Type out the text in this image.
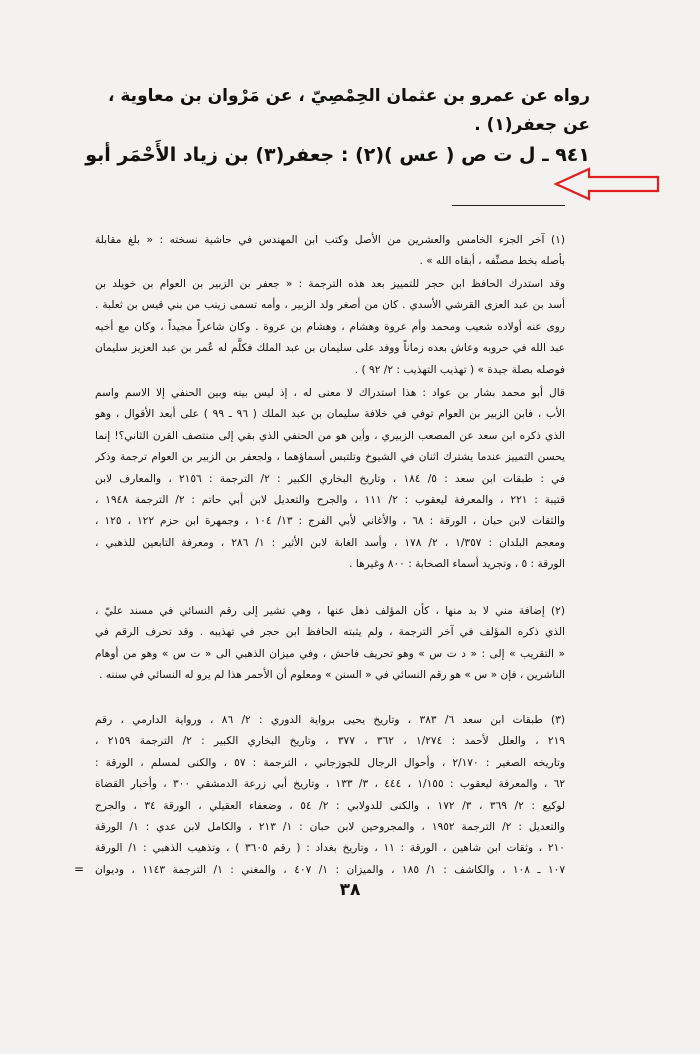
رواه عن عمرو بن عثمان الحِمْصِيّ ، عن مَرْوان بن معاوية ،
عن جعفر(١) .
٩٤١ ـ ل ت ص ( عس )(٢) : جعفر(٣) بن زياد الأَحْمَر أبو
(١) آخر الجزء الخامس والعشرين من الأصل وكتب ابن المهندس في حاشية نسخته : « بلغ مقابلة
بأصله بخط مصنِّفه ، أبقاه الله » .
وقد استدرك الحافظ ابن حجر للتمييز بعد هذه الترجمة : « جعفر بن الزبير بن العوام بن خويلد بن
أسد بن عبد العزى القرشي الأسدي . كان من أصغر ولد الزبير ، وأمه تسمى زينب من بني قيس بن ثعلبة .
روى عنه أولاده شعيب ومحمد وأم عروة وهشام ، وهشام بن عروة . وكان شاعراً مجيداً ، وكان مع أخيه
عبد الله في حروبه وعاش بعده زماناً ووفد على سليمان بن عبد الملك فكلَّم له عُمر بن عبد العزيز سليمان
فوصله بصلة جيدة » ( تهذيب التهذيب : ٢/ ٩٢ ) .
قال أبو محمد بشار بن عواد : هذا استدراك لا معنى له ، إذ ليس بينه وبين الحنفي إلا الاسم واسم
الأب ، فابن الزبير بن العوام توفي في خلافة سليمان بن عبد الملك ( ٩٦ ـ ٩٩ ) على أبعد الأقوال ، وهو
الذي ذكره ابن سعد عن المصعب الزبيري ، وأين هو من الحنفي الذي بقي إلى منتصف القرن الثاني؟! إنما
يحسن التمييز عندما يشترك اثنان في الشيوخ وتلتبس أسماؤهما ، ولجعفر بن الزبير بن العوام ترجمة وذكر
في : طبقات ابن سعد : ٥/ ١٨٤ ، وتاريخ البخاري الكبير : ٢/ الترجمة : ٢١٥٦ ، والمعارف لابن
قتيبة : ٢٢١ ، والمعرفة ليعقوب : ٢/ ١١١ ، والجرح والتعديل لابن أبي حاتم : ٢/ الترجمة ١٩٤٨ ،
والثقات لابن حبان ، الورقة : ٦٨ ، والأغاني لأبي الفرج : ١٣/ ١٠٤ ، وجمهرة ابن حزم ١٢٢ ، ١٢٥ ،
ومعجم البلدان : ١/٣٥٧ ، ٢/ ١٧٨ ، وأسد الغابة لابن الأثير : ١/ ٢٨٦ ، ومعرفة التابعين للذهبي ،
الورقة : ٥ ، وتجريد أسماء الصحابة : ٨٠٠ وغيرها .
(٢) إضافة مني لا بد منها ، كأن المؤلف ذهل عنها ، وهي تشير إلى رقم النسائي في مسند عليّ ،
الذي ذكره المؤلف في آخر الترجمة ، ولم يثبته الحافظ ابن حجر في تهذيبه . وقد تحرف الرقم في
« التقريب » إلى : « د ت س » وهو تحريف فاحش ، وفي ميزان الذهبي الى « ت س » وهو من أوهام
الناشرين ، فإن « س » هو رقم النسائي في « السنن » ومعلوم أن الأحمر هذا لم يرو له النسائي في سننه .
(٣) طبقات ابن سعد ٦/ ٣٨٣ ، وتاريخ يحيى برواية الدوري : ٢/ ٨٦ ، ورواية الدارمي ، رقم
٢١٩ ، والعلل لأحمد : ١/٢٧٤ ، ٣٦٢ ، ٣٧٧ ، وتاريخ البخاري الكبير : ٢/ الترجمة ٢١٥٩ ،
وتاريخه الصغير : ٢/١٧٠ ، وأحوال الرجال للجوزجاني ، الترجمة : ٥٧ ، والكنى لمسلم ، الورقة :
٦٢ ، والمعرفة ليعقوب : ١/١٥٥ ، ٤٤٤ ، ٣/ ١٣٣ ، وتاريخ أبي زرعة الدمشقي ٣٠٠ ، وأخبار القضاة
لوكيع : ٢/ ٣٦٩ ، ٣/ ١٧٢ ، والكنى للدولابي : ٢/ ٥٤ ، وضعفاء العقيلي ، الورقة ٣٤ ، والجرح
والتعديل : ٢/ الترجمة ١٩٥٢ ، والمجروحين لابن حبان : ١/ ٢١٣ ، والكامل لابن عدي : ١/ الورقة
٢١٠ ، وثقات ابن شاهين ، الورقة : ١١ ، وتاريخ بغداد : ( رقم ٣٦٠٥ ) ، وتذهيب الذهبي : ١/ الورقة
١٠٧ ـ ١٠٨ ، والكاشف : ١/ ١٨٥ ، والميزان : ١/ ٤٠٧ ، والمغني : ١/ الترجمة ١١٤٣ ، وديوان
=
٣٨
